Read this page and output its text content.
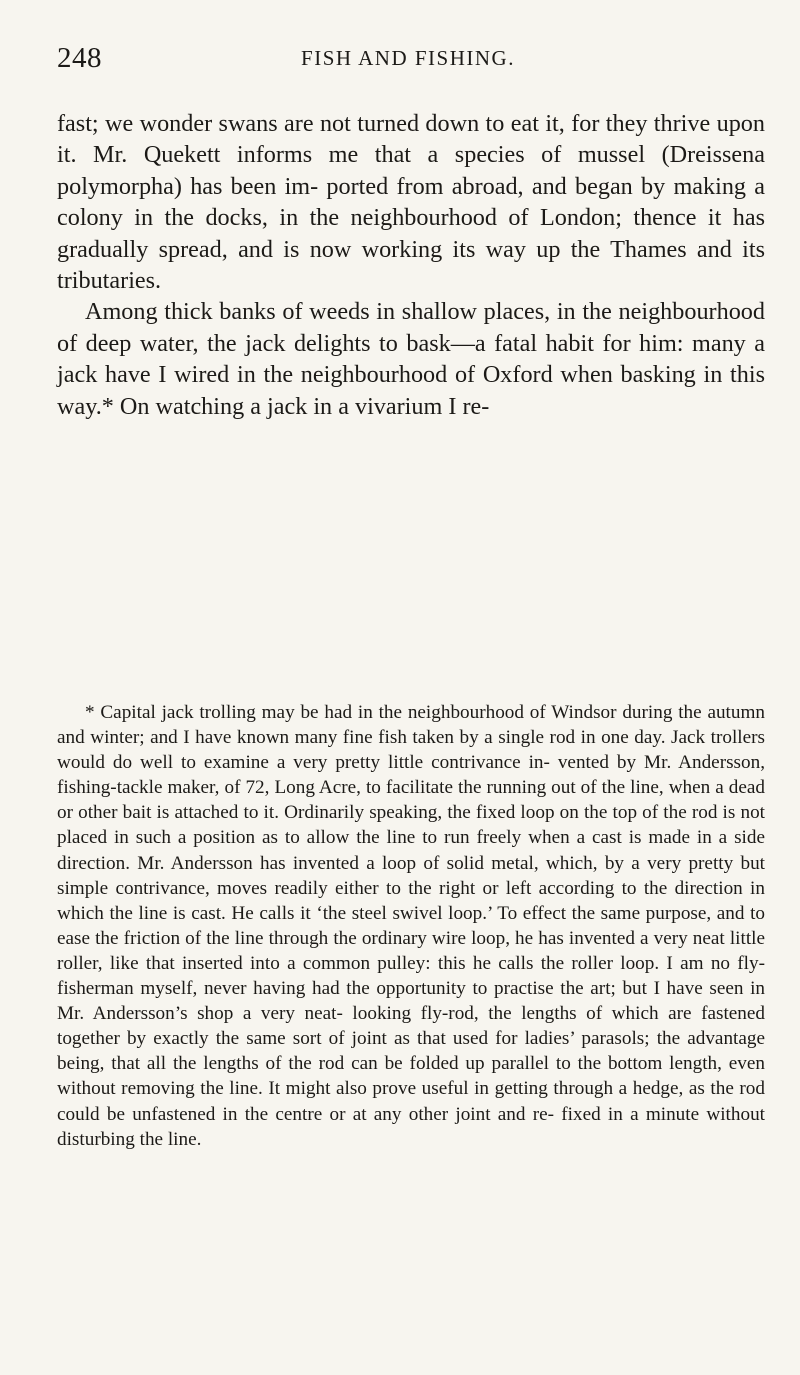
248	FISH AND FISHING.

fast; we wonder swans are not turned down to eat it, for they thrive upon it. Mr. Quekett informs me that a species of mussel (Dreissena polymorpha) has been im- ported from abroad, and began by making a colony in the docks, in the neighbourhood of London; thence it has gradually spread, and is now working its way up the Thames and its tributaries.

Among thick banks of weeds in shallow places, in the neighbourhood of deep water, the jack delights to bask—a fatal habit for him: many a jack have I wired in the neighbourhood of Oxford when basking in this way.* On watching a jack in a vivarium I re-

* Capital jack trolling may be had in the neighbourhood of Windsor during the autumn and winter; and I have known many fine fish taken by a single rod in one day. Jack trollers would do well to examine a very pretty little contrivance in- vented by Mr. Andersson, fishing-tackle maker, of 72, Long Acre, to facilitate the running out of the line, when a dead or other bait is attached to it. Ordinarily speaking, the fixed loop on the top of the rod is not placed in such a position as to allow the line to run freely when a cast is made in a side direction. Mr. Andersson has invented a loop of solid metal, which, by a very pretty but simple contrivance, moves readily either to the right or left according to the direction in which the line is cast. He calls it ‘the steel swivel loop.’ To effect the same purpose, and to ease the friction of the line through the ordinary wire loop, he has invented a very neat little roller, like that inserted into a common pulley: this he calls the roller loop. I am no fly- fisherman myself, never having had the opportunity to practise the art; but I have seen in Mr. Andersson’s shop a very neat- looking fly-rod, the lengths of which are fastened together by exactly the same sort of joint as that used for ladies’ parasols; the advantage being, that all the lengths of the rod can be folded up parallel to the bottom length, even without removing the line. It might also prove useful in getting through a hedge, as the rod could be unfastened in the centre or at any other joint and re- fixed in a minute without disturbing the line.
